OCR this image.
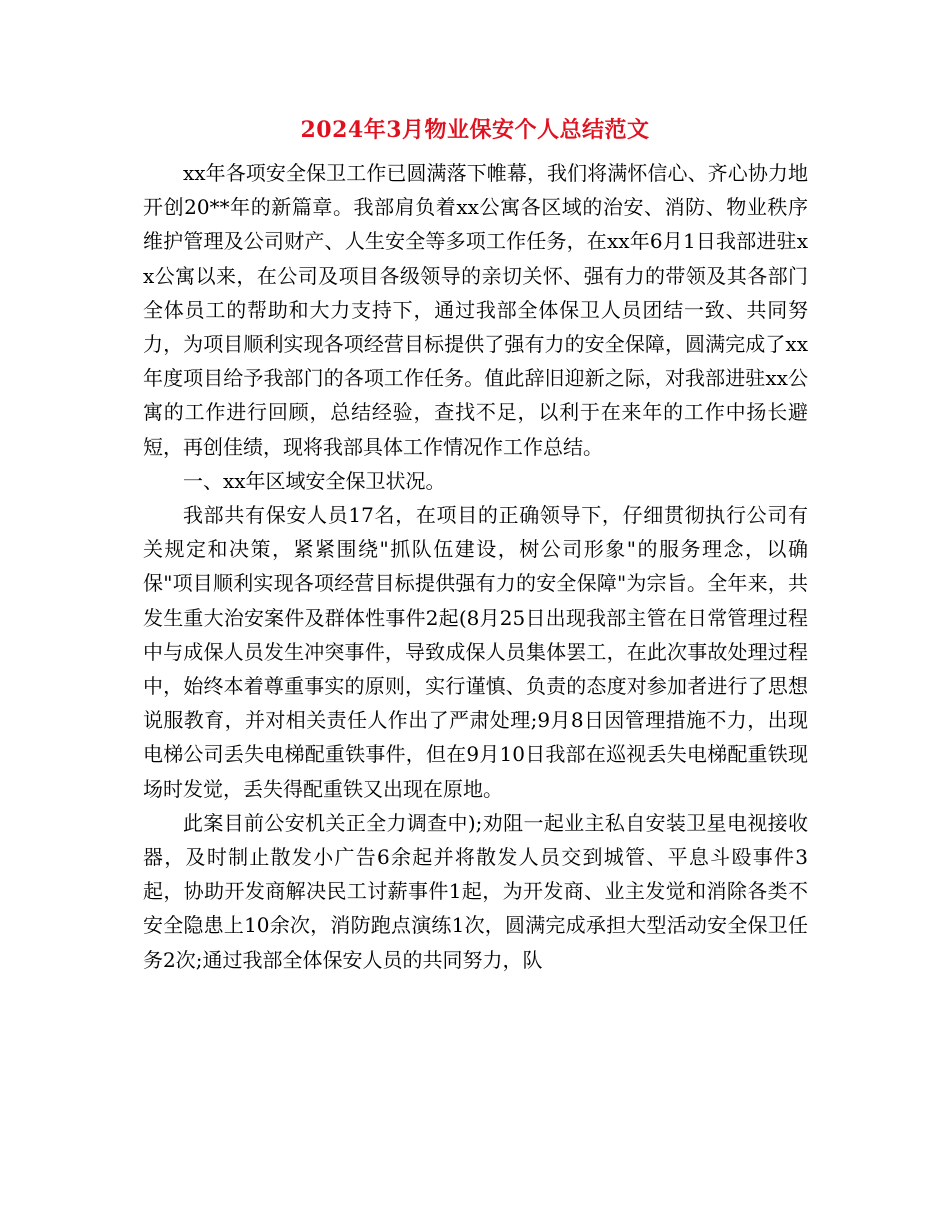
2024年3月物业保安个人总结范文

xx年各项安全保卫工作已圆满落下帷幕，我们将满怀信心、齐心协力地开创20**年的新篇章。我部肩负着xx公寓各区域的治安、消防、物业秩序维护管理及公司财产、人生安全等多项工作任务，在xx年6月1日我部进驻xx公寓以来，在公司及项目各级领导的亲切关怀、强有力的带领及其各部门全体员工的帮助和大力支持下，通过我部全体保卫人员团结一致、共同努力，为项目顺利实现各项经营目标提供了强有力的安全保障，圆满完成了xx年度项目给予我部门的各项工作任务。值此辞旧迎新之际，对我部进驻xx公寓的工作进行回顾，总结经验，查找不足，以利于在来年的工作中扬长避短，再创佳绩，现将我部具体工作情况作工作总结。

一、xx年区域安全保卫状况。

我部共有保安人员17名，在项目的正确领导下，仔细贯彻执行公司有关规定和决策，紧紧围绕"抓队伍建设，树公司形象"的服务理念，以确保"项目顺利实现各项经营目标提供强有力的安全保障"为宗旨。全年来，共发生重大治安案件及群体性事件2起(8月25日出现我部主管在日常管理过程中与成保人员发生冲突事件，导致成保人员集体罢工，在此次事故处理过程中，始终本着尊重事实的原则，实行谨慎、负责的态度对参加者进行了思想说服教育，并对相关责任人作出了严肃处理;9月8日因管理措施不力，出现电梯公司丢失电梯配重铁事件，但在9月10日我部在巡视丢失电梯配重铁现场时发觉，丢失得配重铁又出现在原地。

此案目前公安机关正全力调查中);劝阻一起业主私自安装卫星电视接收器，及时制止散发小广告6余起并将散发人员交到城管、平息斗殴事件3起，协助开发商解决民工讨薪事件1起，为开发商、业主发觉和消除各类不安全隐患上10余次，消防跑点演练1次，圆满完成承担大型活动安全保卫任务2次;通过我部全体保安人员的共同努力，队
